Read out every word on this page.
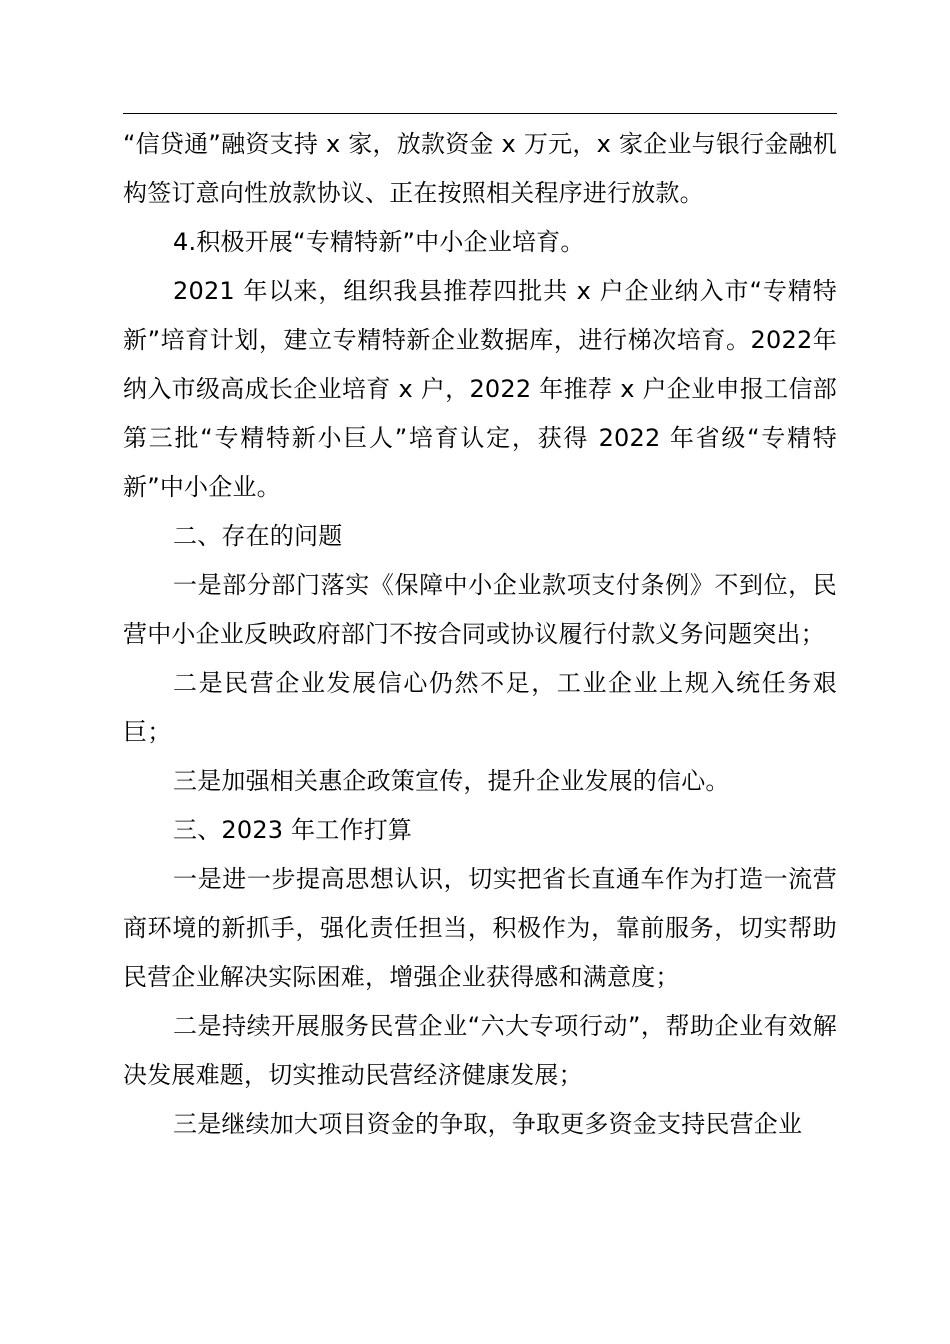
“信贷通”融资支持 x 家，放款资金 x 万元，x 家企业与银行金融机构签订意向性放款协议、正在按照相关程序进行放款。

4.积极开展“专精特新”中小企业培育。

2021 年以来，组织我县推荐四批共 x 户企业纳入市“专精特新”培育计划，建立专精特新企业数据库，进行梯次培育。2022年纳入市级高成长企业培育 x 户，2022 年推荐 x 户企业申报工信部第三批“专精特新小巨人”培育认定，获得 2022 年省级“专精特新”中小企业。

二、存在的问题

一是部分部门落实《保障中小企业款项支付条例》不到位，民营中小企业反映政府部门不按合同或协议履行付款义务问题突出；

二是民营企业发展信心仍然不足，工业企业上规入统任务艰巨；

三是加强相关惠企政策宣传，提升企业发展的信心。

三、2023 年工作打算

一是进一步提高思想认识，切实把省长直通车作为打造一流营商环境的新抓手，强化责任担当，积极作为，靠前服务，切实帮助民营企业解决实际困难，增强企业获得感和满意度；

二是持续开展服务民营企业“六大专项行动”，帮助企业有效解决发展难题，切实推动民营经济健康发展；

三是继续加大项目资金的争取，争取更多资金支持民营企业
